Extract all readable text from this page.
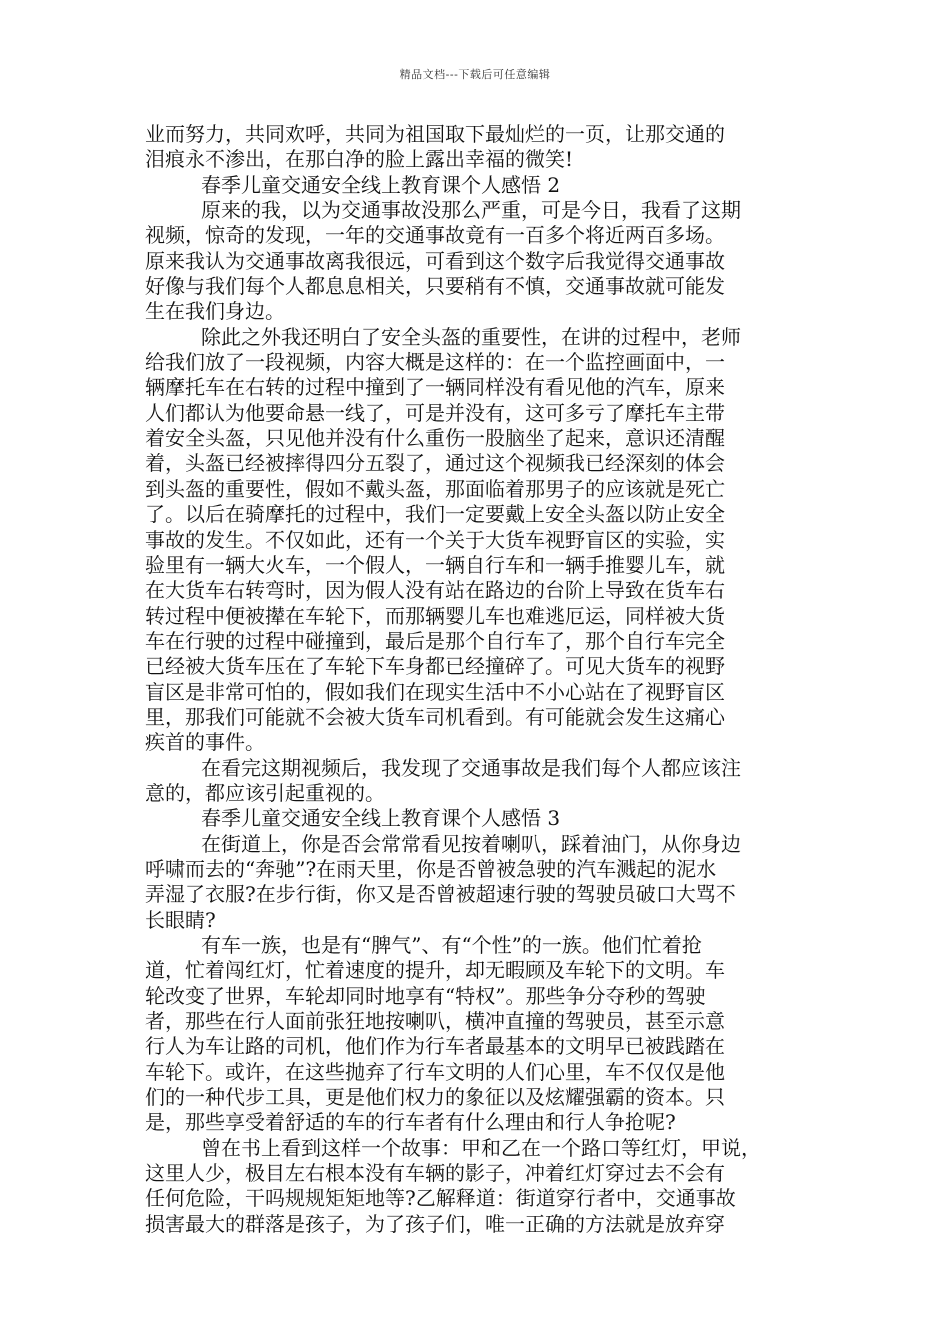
精品文档---下载后可任意编辑
业而努力，共同欢呼，共同为祖国取下最灿烂的一页，让那交通的
泪痕永不渗出，在那白净的脸上露出幸福的微笑!
春季儿童交通安全线上教育课个人感悟 2
原来的我，以为交通事故没那么严重，可是今日，我看了这期
视频，惊奇的发现，一年的交通事故竟有一百多个将近两百多场。
原来我认为交通事故离我很远，可看到这个数字后我觉得交通事故
好像与我们每个人都息息相关，只要稍有不慎，交通事故就可能发
生在我们身边。
除此之外我还明白了安全头盔的重要性，在讲的过程中，老师
给我们放了一段视频，内容大概是这样的：在一个监控画面中，一
辆摩托车在右转的过程中撞到了一辆同样没有看见他的汽车，原来
人们都认为他要命悬一线了，可是并没有，这可多亏了摩托车主带
着安全头盔，只见他并没有什么重伤一股脑坐了起来，意识还清醒
着，头盔已经被摔得四分五裂了，通过这个视频我已经深刻的体会
到头盔的重要性，假如不戴头盔，那面临着那男子的应该就是死亡
了。以后在骑摩托的过程中，我们一定要戴上安全头盔以防止安全
事故的发生。不仅如此，还有一个关于大货车视野盲区的实验，实
验里有一辆大火车，一个假人，一辆自行车和一辆手推婴儿车，就
在大货车右转弯时，因为假人没有站在路边的台阶上导致在货车右
转过程中便被撵在车轮下，而那辆婴儿车也难逃厄运，同样被大货
车在行驶的过程中碰撞到，最后是那个自行车了，那个自行车完全
已经被大货车压在了车轮下车身都已经撞碎了。可见大货车的视野
盲区是非常可怕的，假如我们在现实生活中不小心站在了视野盲区
里，那我们可能就不会被大货车司机看到。有可能就会发生这痛心
疾首的事件。
在看完这期视频后，我发现了交通事故是我们每个人都应该注
意的，都应该引起重视的。
春季儿童交通安全线上教育课个人感悟 3
在街道上，你是否会常常看见按着喇叭，踩着油门，从你身边
呼啸而去的“奔驰”?在雨天里，你是否曾被急驶的汽车溅起的泥水
弄湿了衣服?在步行街，你又是否曾被超速行驶的驾驶员破口大骂不
长眼睛?
有车一族，也是有“脾气”、有“个性”的一族。他们忙着抢
道，忙着闯红灯，忙着速度的提升，却无暇顾及车轮下的文明。车
轮改变了世界，车轮却同时地享有“特权”。那些争分夺秒的驾驶
者，那些在行人面前张狂地按喇叭，横冲直撞的驾驶员，甚至示意
行人为车让路的司机，他们作为行车者最基本的文明早已被践踏在
车轮下。或许，在这些抛弃了行车文明的人们心里，车不仅仅是他
们的一种代步工具，更是他们权力的象征以及炫耀强霸的资本。只
是，那些享受着舒适的车的行车者有什么理由和行人争抢呢?
曾在书上看到这样一个故事：甲和乙在一个路口等红灯，甲说，
这里人少，极目左右根本没有车辆的影子，冲着红灯穿过去不会有
任何危险，干吗规规矩矩地等?乙解释道：街道穿行者中，交通事故
损害最大的群落是孩子，为了孩子们，唯一正确的方法就是放弃穿
